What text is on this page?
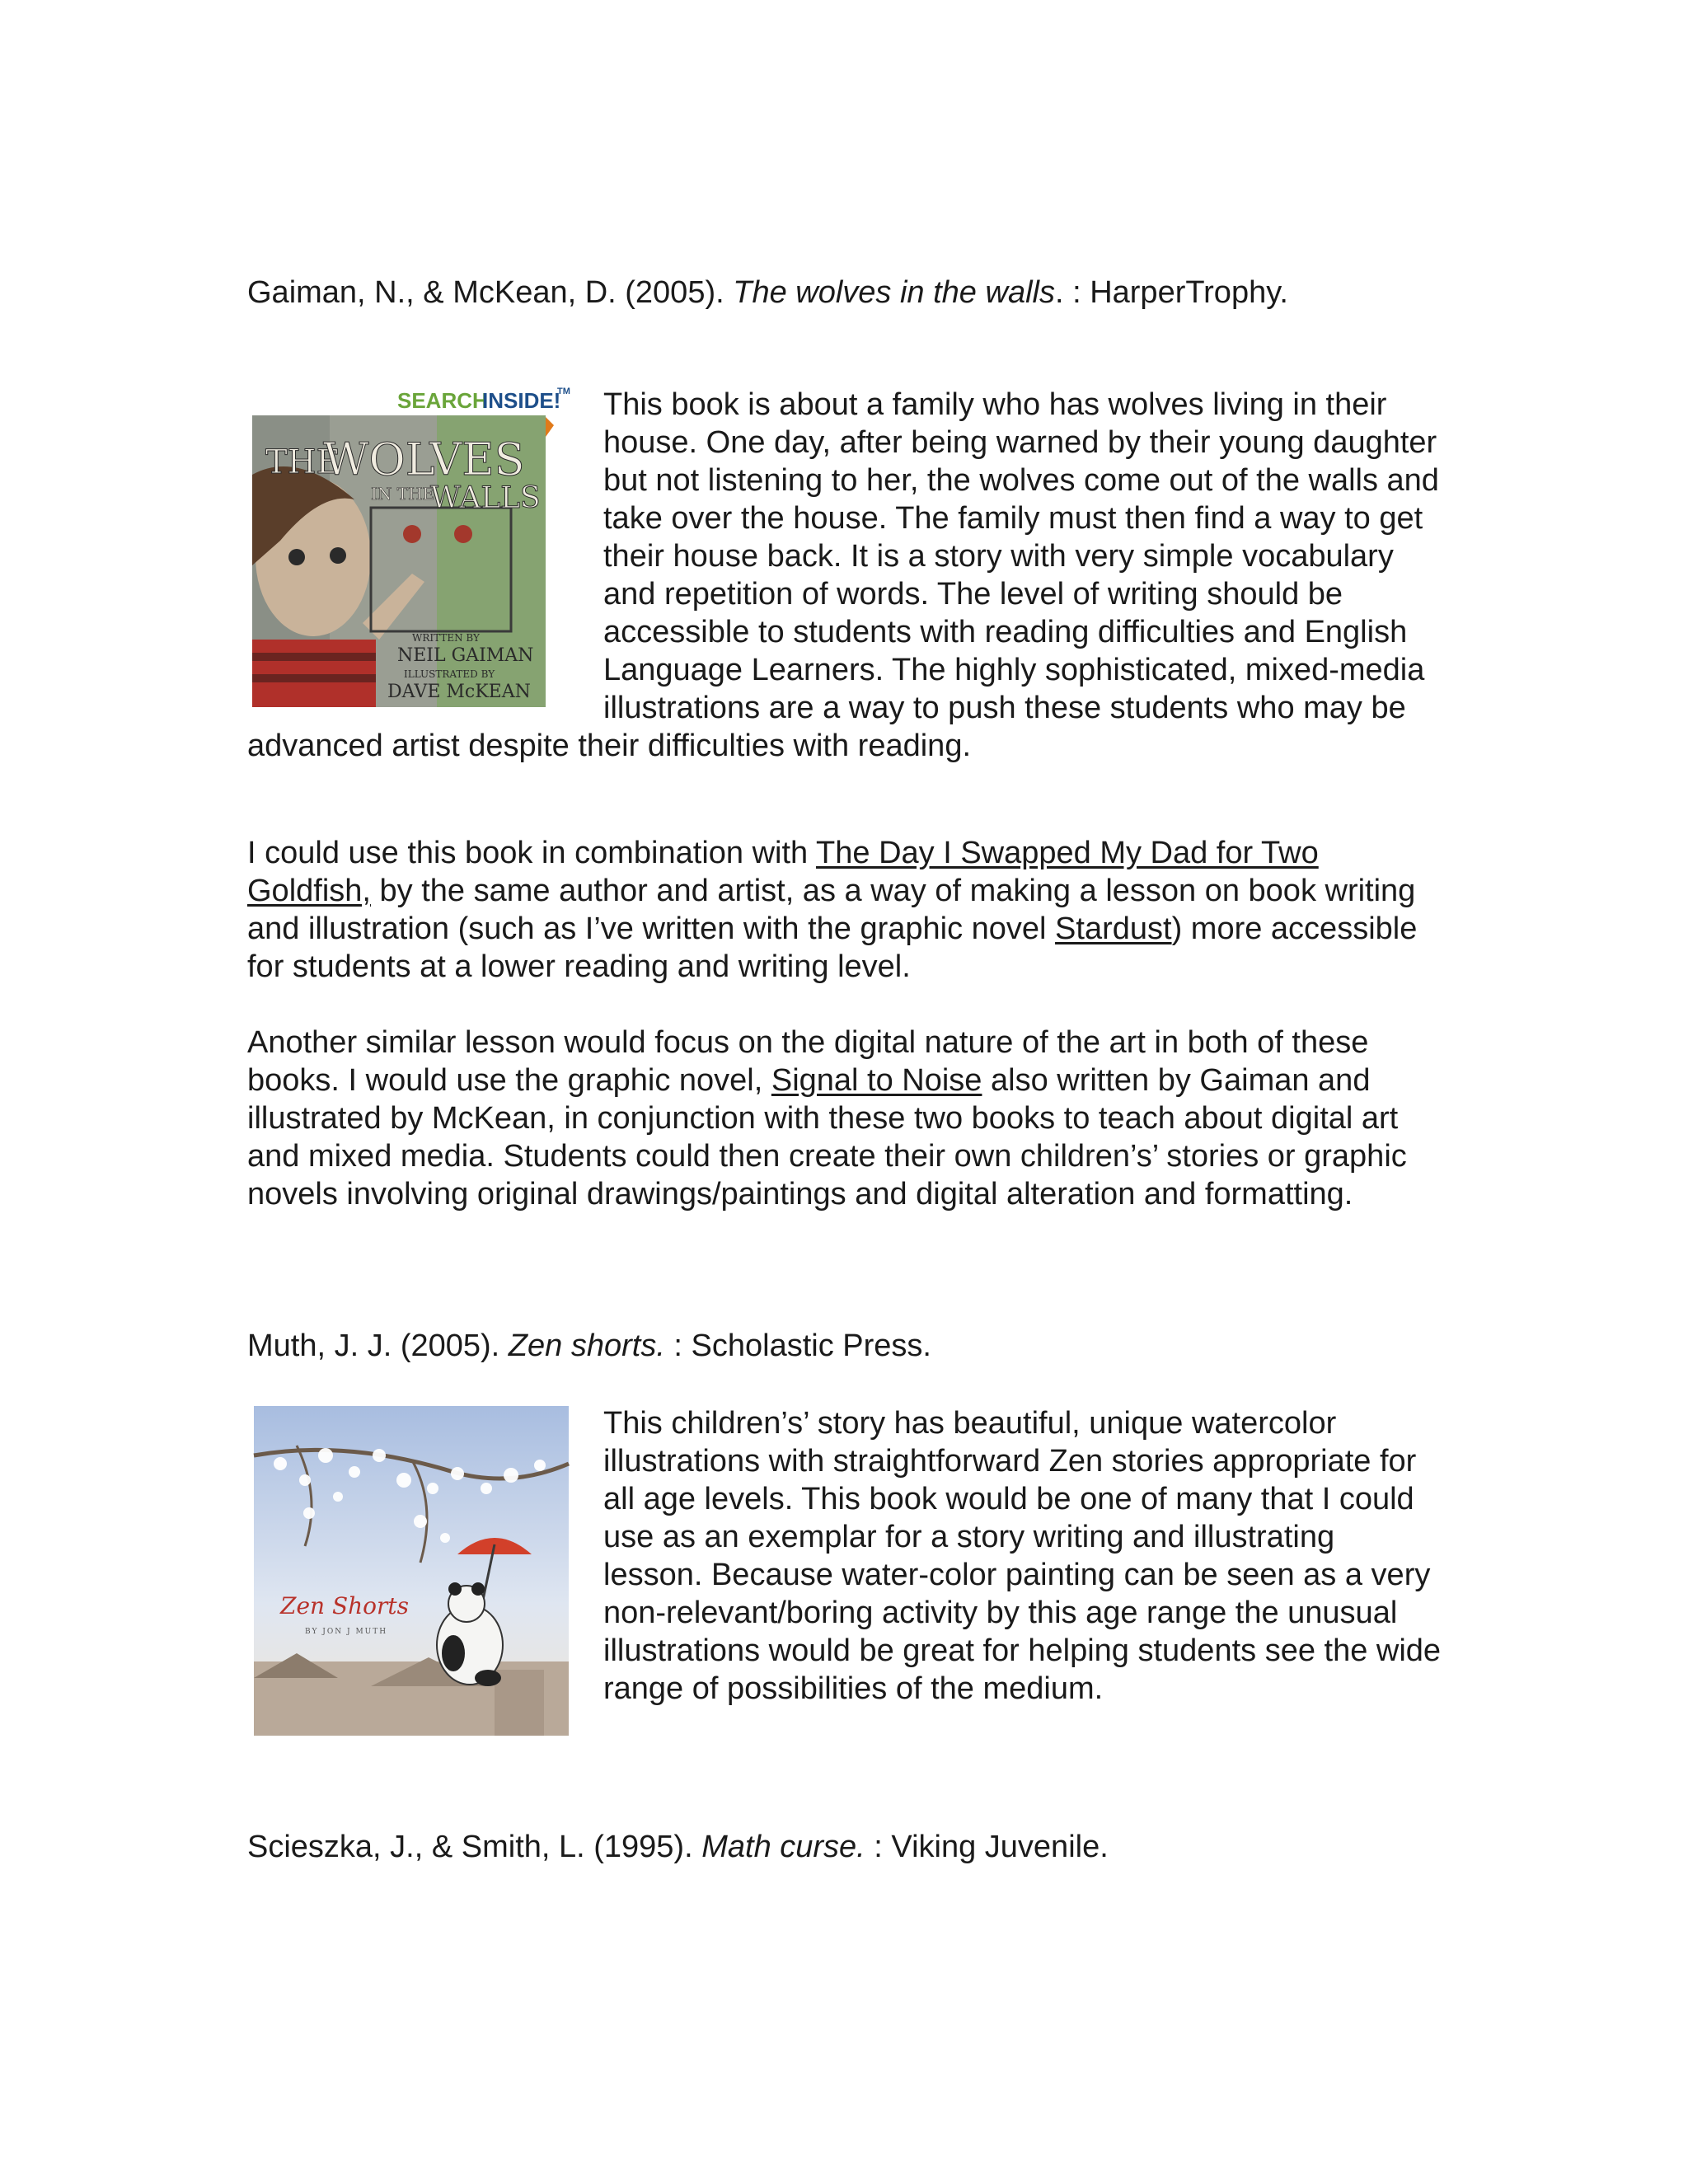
Gaiman, N., & McKean, D. (2005). The wolves in the walls. : HarperTrophy.

SEARCH
INSIDE!
TM
THE
WOLVES
IN THE
WALLS
WRITTEN BY
NEIL GAIMAN
ILLUSTRATED BY
DAVE McKEAN

This book is about a family who has wolves living in their house. One day, after being warned by their young daughter but not listening to her, the wolves come out of the walls and take over the house. The family must then find a way to get their house back. It is a story with very simple vocabulary and repetition of words. The level of writing should be accessible to students with reading difficulties and English Language Learners. The highly sophisticated, mixed-media illustrations are a way to push these students who may be advanced artist despite their difficulties with reading.

I could use this book in combination with The Day I Swapped My Dad for Two Goldfish, by the same author and artist, as a way of making a lesson on book writing and illustration (such as I’ve written with the graphic novel Stardust) more accessible for students at a lower reading and writing level.

Another similar lesson would focus on the digital nature of the art in both of these books. I would use the graphic novel, Signal to Noise also written by Gaiman and illustrated by McKean, in conjunction with these two books to teach about digital art and mixed media. Students could then create their own children’s’ stories or graphic novels involving original drawings/paintings and digital alteration and formatting.

Muth, J. J. (2005). Zen shorts. : Scholastic Press.

Zen Shorts
BY JON J MUTH

This children’s’ story has beautiful, unique watercolor illustrations with straightforward Zen stories appropriate for all age levels. This book would be one of many that I could use as an exemplar for a story writing and illustrating lesson. Because water-color painting can be seen as a very non-relevant/boring activity by this age range the unusual illustrations would be great for helping students see the wide range of possibilities of the medium.

Scieszka, J., & Smith, L. (1995). Math curse. : Viking Juvenile.
